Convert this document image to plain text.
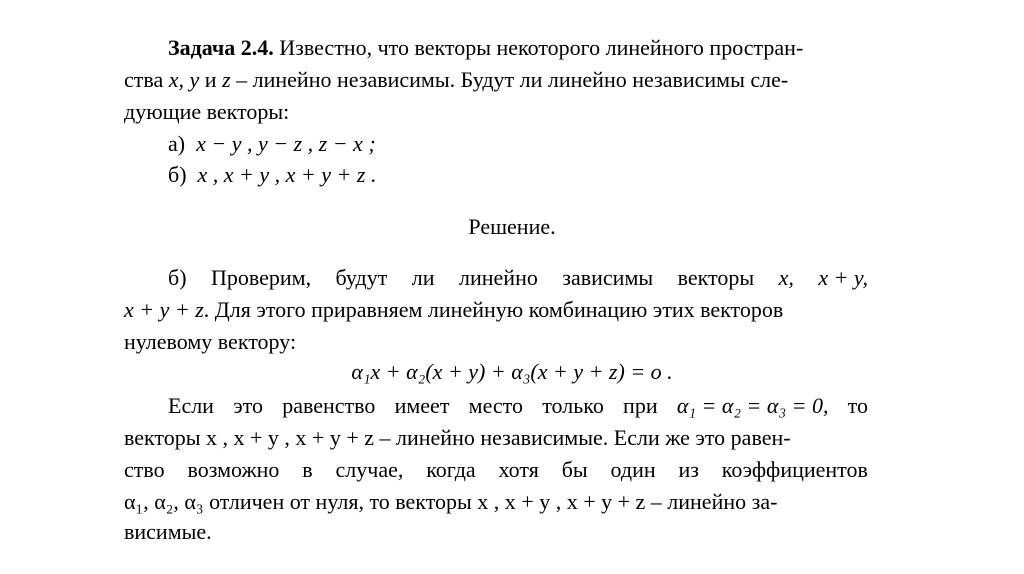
Задача 2.4. Известно, что векторы некоторого линейного простран-
ства x, y и z – линейно независимы. Будут ли линейно независимы сле-
дующие векторы:
а) x − y , y − z , z − x ;
б) x , x + y , x + y + z .
Решение.
б) Проверим, будут ли линейно зависимы векторы x, x + y,
x + y + z. Для этого приравняем линейную комбинацию этих векторов
нулевому вектору:
α₁x + α₂(x + y) + α₃(x + y + z) = o .
Если это равенство имеет место только при α₁ = α₂ = α₃ = 0, то
векторы x , x + y , x + y + z – линейно независимые. Если же это равен-
ство возможно в случае, когда хотя бы один из коэффициентов
α₁, α₂, α₃ отличен от нуля, то векторы x , x + y , x + y + z – линейно за-
висимые.
